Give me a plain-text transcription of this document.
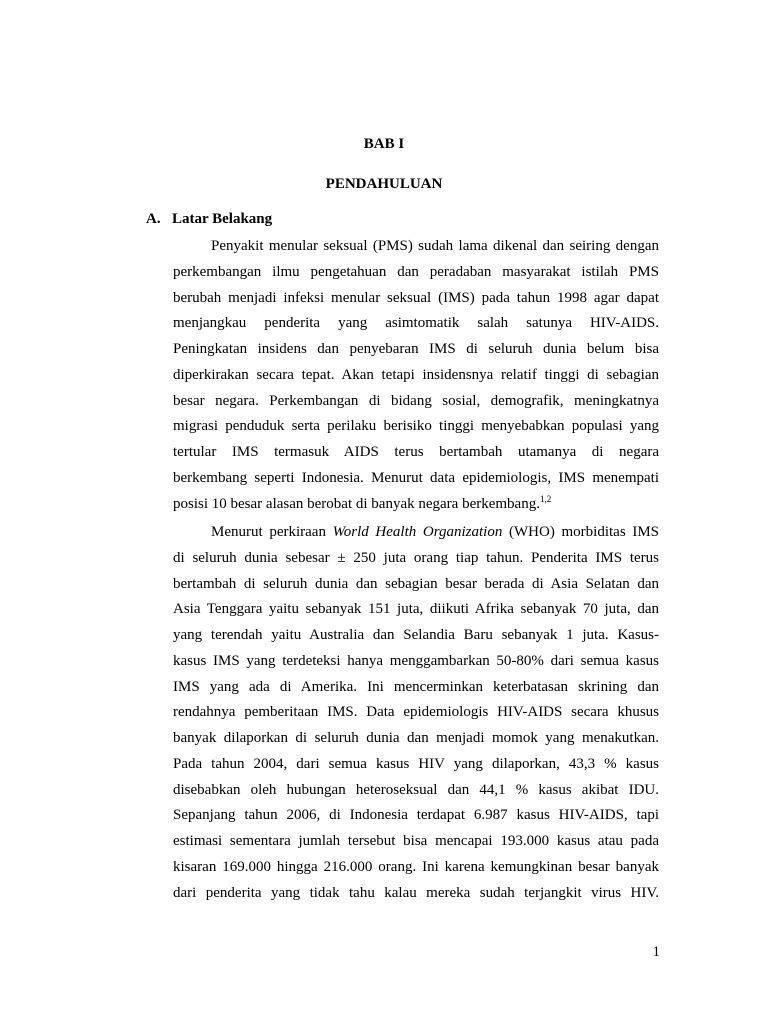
BAB I
PENDAHULUAN
A. Latar Belakang
Penyakit menular seksual (PMS) sudah lama dikenal dan seiring dengan
perkembangan ilmu pengetahuan dan peradaban masyarakat istilah PMS
berubah menjadi infeksi menular seksual (IMS) pada tahun 1998 agar dapat
menjangkau penderita yang asimtomatik salah satunya HIV-AIDS.
Peningkatan insidens dan penyebaran IMS di seluruh dunia belum bisa
diperkirakan secara tepat. Akan tetapi insidensnya relatif tinggi di sebagian
besar negara. Perkembangan di bidang sosial, demografik, meningkatnya
migrasi penduduk serta perilaku berisiko tinggi menyebabkan populasi yang
tertular IMS termasuk AIDS terus bertambah utamanya di negara
berkembang seperti Indonesia. Menurut data epidemiologis, IMS menempati
posisi 10 besar alasan berobat di banyak negara berkembang.$^{1,2}$
Menurut perkiraan World Health Organization (WHO) morbiditas IMS
di seluruh dunia sebesar ± 250 juta orang tiap tahun. Penderita IMS terus
bertambah di seluruh dunia dan sebagian besar berada di Asia Selatan dan
Asia Tenggara yaitu sebanyak 151 juta, diikuti Afrika sebanyak 70 juta, dan
yang terendah yaitu Australia dan Selandia Baru sebanyak 1 juta. Kasus-
kasus IMS yang terdeteksi hanya menggambarkan 50-80% dari semua kasus
IMS yang ada di Amerika. Ini mencerminkan keterbatasan skrining dan
rendahnya pemberitaan IMS. Data epidemiologis HIV-AIDS secara khusus
banyak dilaporkan di seluruh dunia dan menjadi momok yang menakutkan.
Pada tahun 2004, dari semua kasus HIV yang dilaporkan, 43,3 % kasus
disebabkan oleh hubungan heteroseksual dan 44,1 % kasus akibat IDU.
Sepanjang tahun 2006, di Indonesia terdapat 6.987 kasus HIV-AIDS, tapi
estimasi sementara jumlah tersebut bisa mencapai 193.000 kasus atau pada
kisaran 169.000 hingga 216.000 orang. Ini karena kemungkinan besar banyak
dari penderita yang tidak tahu kalau mereka sudah terjangkit virus HIV.

1
